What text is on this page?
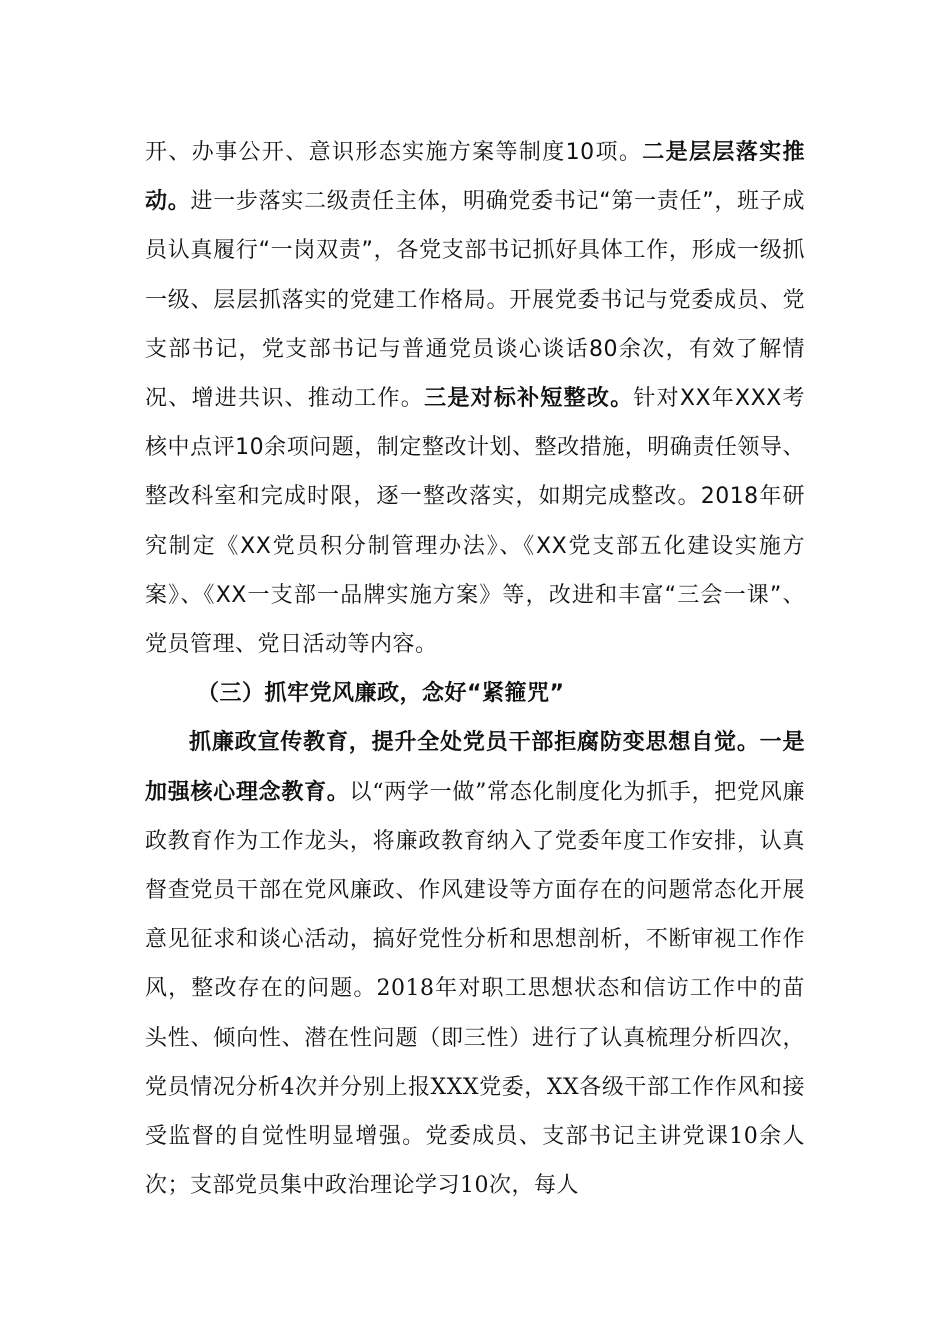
开、办事公开、意识形态实施方案等制度10项。二是层层落实推动。进一步落实二级责任主体，明确党委书记“第一责任”，班子成员认真履行“一岗双责”，各党支部书记抓好具体工作，形成一级抓一级、层层抓落实的党建工作格局。开展党委书记与党委成员、党支部书记，党支部书记与普通党员谈心谈话80余次，有效了解情况、增进共识、推动工作。三是对标补短整改。针对XX年XXX考核中点评10余项问题，制定整改计划、整改措施，明确责任领导、整改科室和完成时限，逐一整改落实，如期完成整改。2018年研究制定《XX党员积分制管理办法》、《XX党支部五化建设实施方案》、《XX一支部一品牌实施方案》等，改进和丰富“三会一课”、党员管理、党日活动等内容。

（三）抓牢党风廉政，念好“紧箍咒”

抓廉政宣传教育，提升全处党员干部拒腐防变思想自觉。一是加强核心理念教育。以“两学一做”常态化制度化为抓手，把党风廉政教育作为工作龙头，将廉政教育纳入了党委年度工作安排，认真督查党员干部在党风廉政、作风建设等方面存在的问题常态化开展意见征求和谈心活动，搞好党性分析和思想剖析，不断审视工作作风，整改存在的问题。2018年对职工思想状态和信访工作中的苗头性、倾向性、潜在性问题（即三性）进行了认真梳理分析四次，党员情况分析4次并分别上报XXX党委，XX各级干部工作作风和接受监督的自觉性明显增强。党委成员、支部书记主讲党课10余人次；支部党员集中政治理论学习10次，每人
